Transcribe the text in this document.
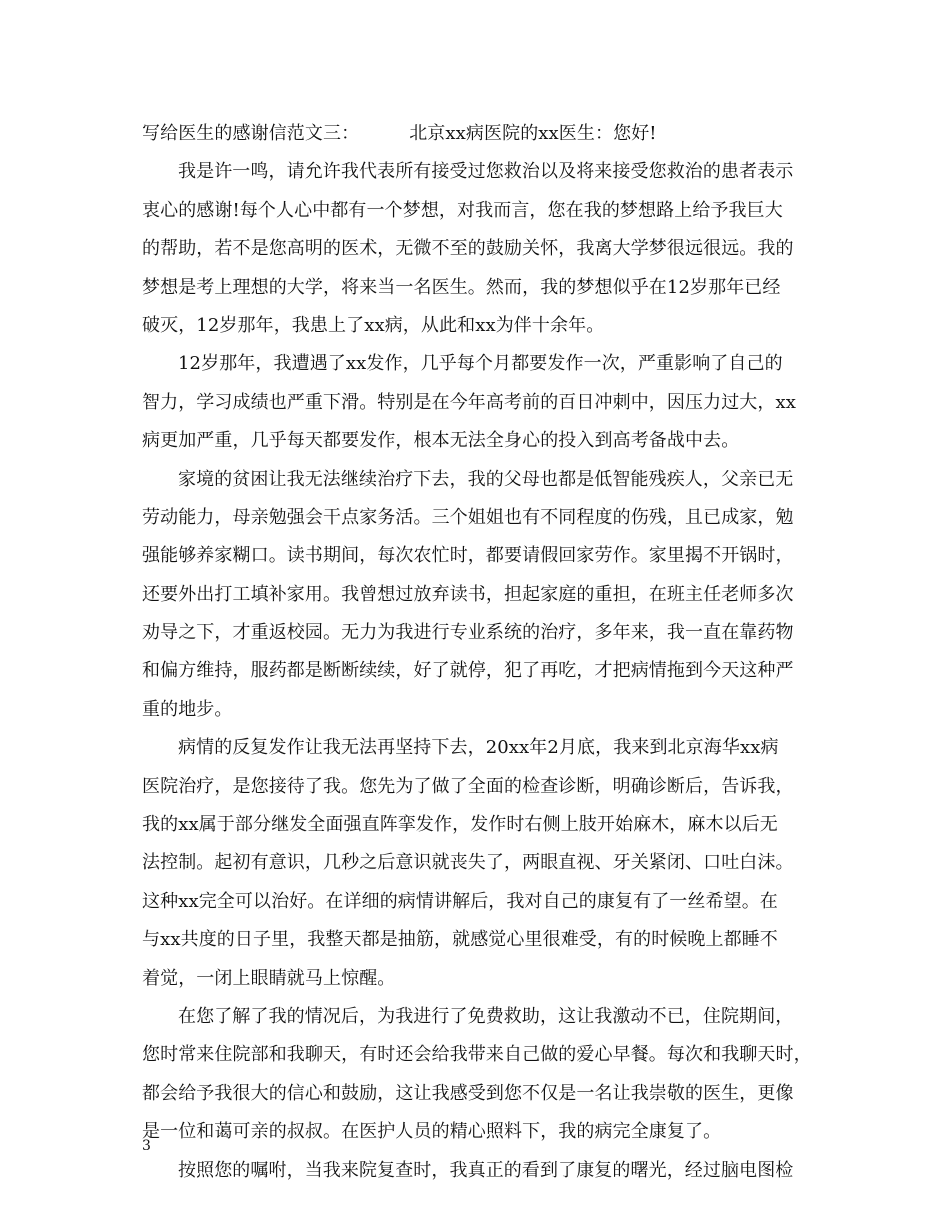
写给医生的感谢信范文三：	北京xx病医院的xx医生：您好!
我是许一鸣，请允许我代表所有接受过您救治以及将来接受您救治的患者表示
衷心的感谢!每个人心中都有一个梦想，对我而言，您在我的梦想路上给予我巨大
的帮助，若不是您高明的医术，无微不至的鼓励关怀，我离大学梦很远很远。我的
梦想是考上理想的大学，将来当一名医生。然而，我的梦想似乎在12岁那年已经
破灭，12岁那年，我患上了xx病，从此和xx为伴十余年。
12岁那年，我遭遇了xx发作，几乎每个月都要发作一次，严重影响了自己的
智力，学习成绩也严重下滑。特别是在今年高考前的百日冲刺中，因压力过大，xx
病更加严重，几乎每天都要发作，根本无法全身心的投入到高考备战中去。
家境的贫困让我无法继续治疗下去，我的父母也都是低智能残疾人，父亲已无
劳动能力，母亲勉强会干点家务活。三个姐姐也有不同程度的伤残，且已成家，勉
强能够养家糊口。读书期间，每次农忙时，都要请假回家劳作。家里揭不开锅时，
还要外出打工填补家用。我曾想过放弃读书，担起家庭的重担，在班主任老师多次
劝导之下，才重返校园。无力为我进行专业系统的治疗，多年来，我一直在靠药物
和偏方维持，服药都是断断续续，好了就停，犯了再吃，才把病情拖到今天这种严
重的地步。
病情的反复发作让我无法再坚持下去，20xx年2月底，我来到北京海华xx病
医院治疗，是您接待了我。您先为了做了全面的检查诊断，明确诊断后，告诉我，
我的xx属于部分继发全面强直阵挛发作，发作时右侧上肢开始麻木，麻木以后无
法控制。起初有意识，几秒之后意识就丧失了，两眼直视、牙关紧闭、口吐白沫。
这种xx完全可以治好。在详细的病情讲解后，我对自己的康复有了一丝希望。在
与xx共度的日子里，我整天都是抽筋，就感觉心里很难受，有的时候晚上都睡不
着觉，一闭上眼睛就马上惊醒。
在您了解了我的情况后，为我进行了免费救助，这让我激动不已，住院期间，
您时常来住院部和我聊天，有时还会给我带来自己做的爱心早餐。每次和我聊天时，
都会给予我很大的信心和鼓励，这让我感受到您不仅是一名让我崇敬的医生，更像
是一位和蔼可亲的叔叔。在医护人员的精心照料下，我的病完全康复了。
按照您的嘱咐，当我来院复查时，我真正的看到了康复的曙光，经过脑电图检
3
